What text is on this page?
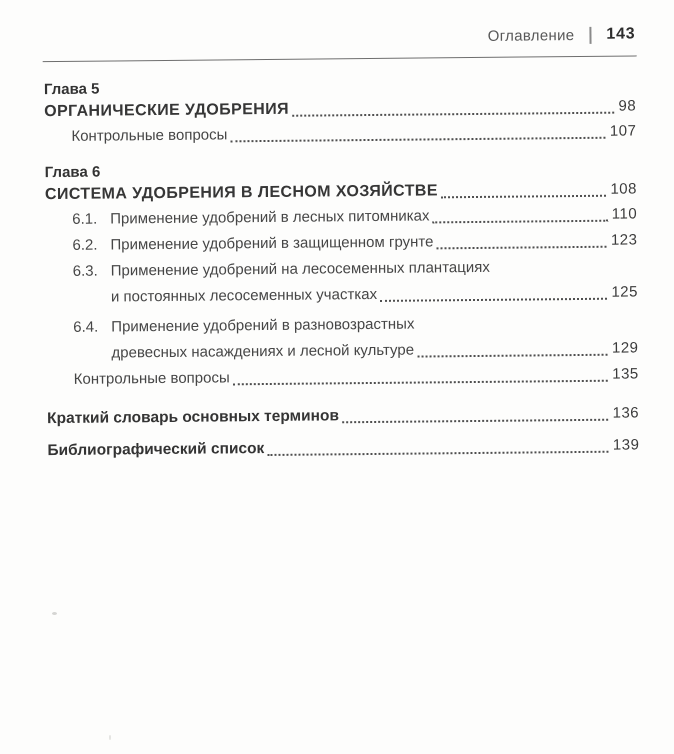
Оглавление 143
Глава 5
ОРГАНИЧЕСКИЕ УДОБРЕНИЯ	98
Контрольные вопросы	107
Глава 6
СИСТЕМА УДОБРЕНИЯ В ЛЕСНОМ ХОЗЯЙСТВЕ	108
6.1. Применение удобрений в лесных питомниках	110
6.2. Применение удобрений в защищенном грунте	123
6.3. Применение удобрений на лесосеменных плантациях
и постоянных лесосеменных участках	125
6.4. Применение удобрений в разновозрастных
древесных насаждениях и лесной культуре	129
Контрольные вопросы	135
Краткий словарь основных терминов	136
Библиографический список	139
